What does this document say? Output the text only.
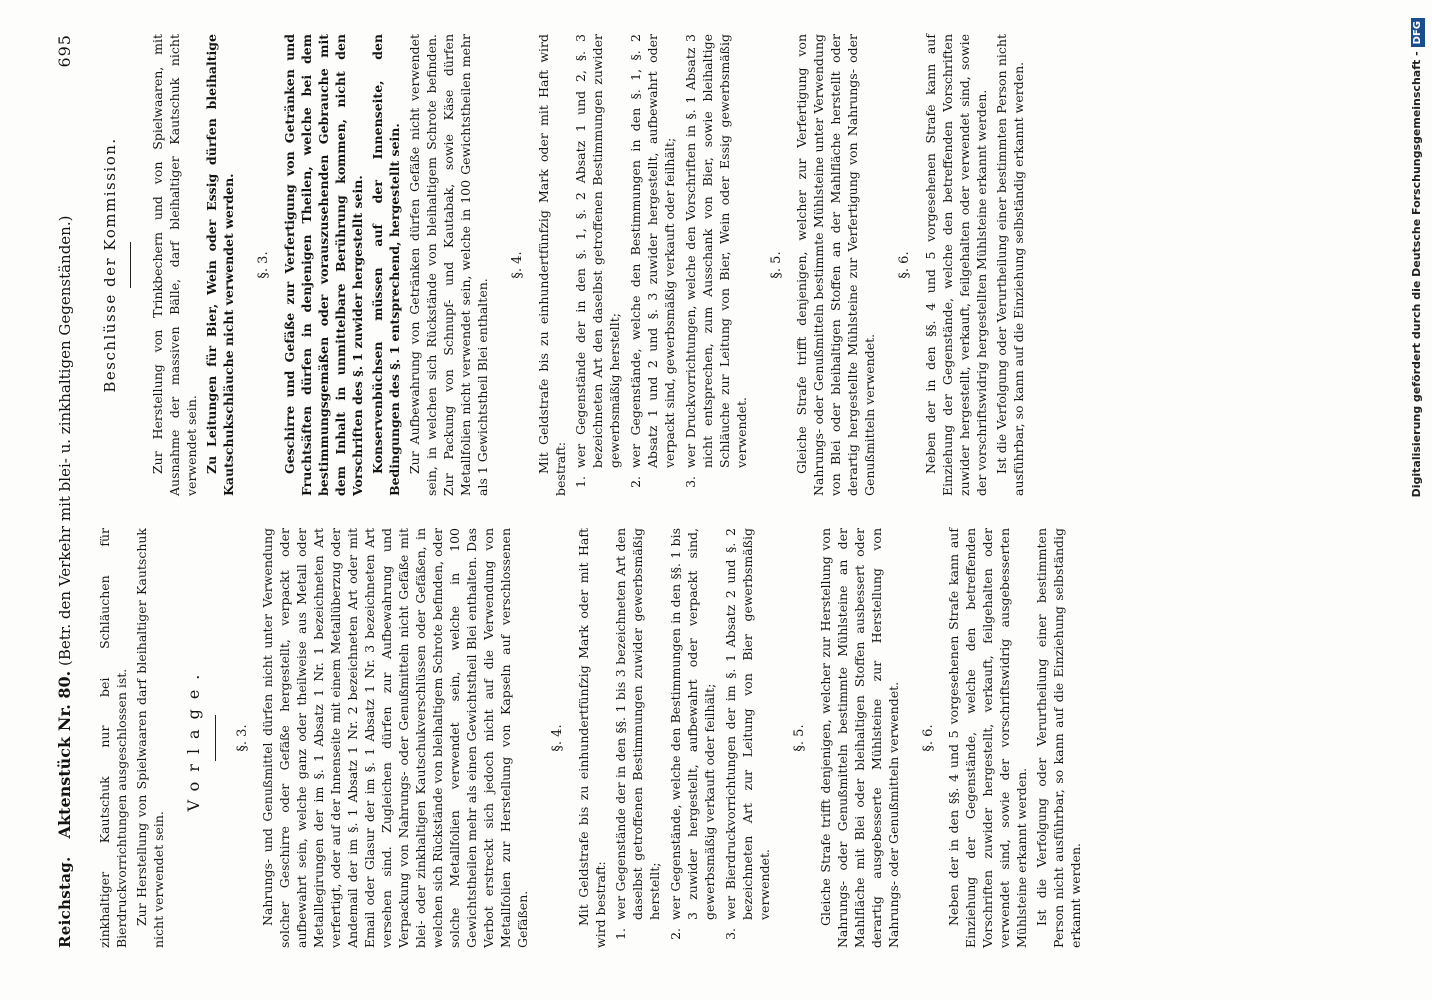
Reichstag.
Aktenstück Nr. 80. (Betr. den Verkehr mit blei- u. zinkhaltigen Gegenständen.)
695

zinkhaltiger Kautschuk nur bei Schläuchen für Bierdruckvorrichtungen ausgeschlossen ist. Zur Herstellung von Spielwaaren darf bleihaltiger Kautschuk nicht verwendet sein.

Vorlage. §. 3. Nahrungs- und Genußmittel dürfen nicht unter Verwendung solcher Geschirre oder Gefäße hergestellt, verpackt oder aufbewahrt sein, welche ganz oder theilweise aus Metall oder Metalllegirungen der im §. 1 Absatz 1 Nr. 1 bezeichneten Art verfertigt, oder auf der Innenseite mit einem Metallüberzug oder Andemail der im §. 1 Absatz 1 Nr. 2 bezeichneten Art oder mit Email oder Glasur der im §. 1 Absatz 1 Nr. 3 bezeichneten Art versehen sind. Zugleichen dürfen zur Aufbewahrung und Verpackung von Nahrungs- oder Genußmitteln nicht Gefäße mit blei- oder zinkhaltigen Kautschukverschlüssen oder Gefäßen, in welchen sich Rückstände von bleihaltigem Schrote befinden, oder solche Metallfolien verwendet sein, welche in 100 Gewichtstheilen mehr als einen Gewichtstheil Blei enthalten. Das Verbot erstreckt sich jedoch nicht auf die Verwendung von Metallfolien zur Herstellung von Kapseln auf verschlossenen Gefäßen.

§. 4. Mit Geldstrafe bis zu einhundertfünfzig Mark oder mit Haft wird bestraft: 1. wer Gegenstände der in den §§. 1 bis 3 bezeichneten Art den daselbst getroffenen Bestimmungen zuwider gewerbsmäßig herstellt; 2. wer Gegenstände, welche den Bestimmungen in den §§. 1 bis 3 zuwider hergestellt, aufbewahrt oder verpackt sind, gewerbsmäßig verkauft oder feilhält; 3. wer Bierdruckvorrichtungen der im §. 1 Absatz 2 und §. 2 bezeichneten Art zur Leitung von Bier gewerbsmäßig verwendet.
§. 5. Gleiche Strafe trifft denjenigen, welcher zur Herstellung von Nahrungs- oder Genußmitteln bestimmte Mühlsteine an der Mahlfläche mit Blei oder bleihaltigen Stoffen ausbessert oder derartig ausgebesserte Mühlsteine zur Herstellung von Nahrungs- oder Genußmitteln verwendet. §. 6. Neben der in den §§. 4 und 5 vorgesehenen Strafe kann auf Einziehung der Gegenstände, welche den betreffenden Vorschriften zuwider hergestellt, verkauft, feilgehalten oder verwendet sind, sowie der vorschriftswidrig ausgebesserten Mühlsteine erkannt werden. Ist die Verfolgung oder Verurtheilung einer bestimmten Person nicht ausführbar, so kann auf die Einziehung selbständig erkannt werden.

Beschlüsse der Kommission.	Zur Herstellung von Trinkbechern und von Spielwaaren, mit Ausnahme der massiven Bälle, darf bleihaltiger Kautschuk nicht verwendet sein. Zu Leitungen für Bier, Wein oder Essig dürfen bleihaltige Kautschukschläuche nicht verwendet werden. §. 3. Geschirre und Gefäße zur Verfertigung von Getränken und Fruchtsäften dürfen in denjenigen Theilen, welche bei dem bestimmungsgemäßen oder vorauszusehenden Gebrauche mit dem Inhalt in unmittelbare Berührung kommen, nicht den Vorschriften des §. 1 zuwider hergestellt sein. Konservenbüchsen müssen auf der Innenseite, den Bedingungen des §. 1 entsprechend, hergestellt sein. Zur Aufbewahrung von Getränken dürfen Gefäße nicht verwendet sein, in welchen sich Rückstände von bleihaltigem Schrote befinden. Zur Packung von Schnupf- und Kautabak, sowie Käse dürfen Metallfolien nicht verwendet sein, welche in 100 Gewichtstheilen mehr als 1 Gewichtstheil Blei enthalten.

§. 4. Mit Geldstrafe bis zu einhundertfünfzig Mark oder mit Haft wird bestraft:

1. wer Gegenstände der in den §. 1, §. 2 Absatz 1 und 2, §. 3 bezeichneten Art den daselbst getroffenen Bestimmungen zuwider gewerbsmäßig herstellt; 2. wer Gegenstände, welche den Bestimmungen in den §. 1, §. 2 Absatz 1 und 2 und §. 3 zuwider hergestellt, aufbewahrt oder verpackt sind, gewerbsmäßig verkauft oder feilhält; 3. wer Druckvorrichtungen, welche den Vorschriften in §. 1 Absatz 3 nicht entsprechen, zum Ausschank von Bier, sowie bleihaltige Schläuche zur Leitung von Bier, Wein oder Essig gewerbsmäßig verwendet.
§. 5. Gleiche Strafe trifft denjenigen, welcher zur Verfertigung von Nahrungs- oder Genußmitteln bestimmte Mühlsteine unter Verwendung von Blei oder bleihaltigen Stoffen an der Mahlfläche herstellt oder derartig hergestellte Mühlsteine zur Verfertigung von Nahrungs- oder Genußmitteln verwendet.

§. 6. Neben der in den §§. 4 und 5 vorgesehenen Strafe kann auf Einziehung der Gegenstände, welche den betreffenden Vorschriften zuwider hergestellt, verkauft, feilgehalten oder verwendet sind, sowie der vorschriftswidrig hergestellten Mühlsteine erkannt werden. Ist die Verfolgung oder Verurtheilung einer bestimmten Person nicht ausführbar, so kann auf die Einziehung selbständig erkannt werden.	Digitalisierung gefördert durch die Deutsche Forschungsgemeinschaft -DFG
